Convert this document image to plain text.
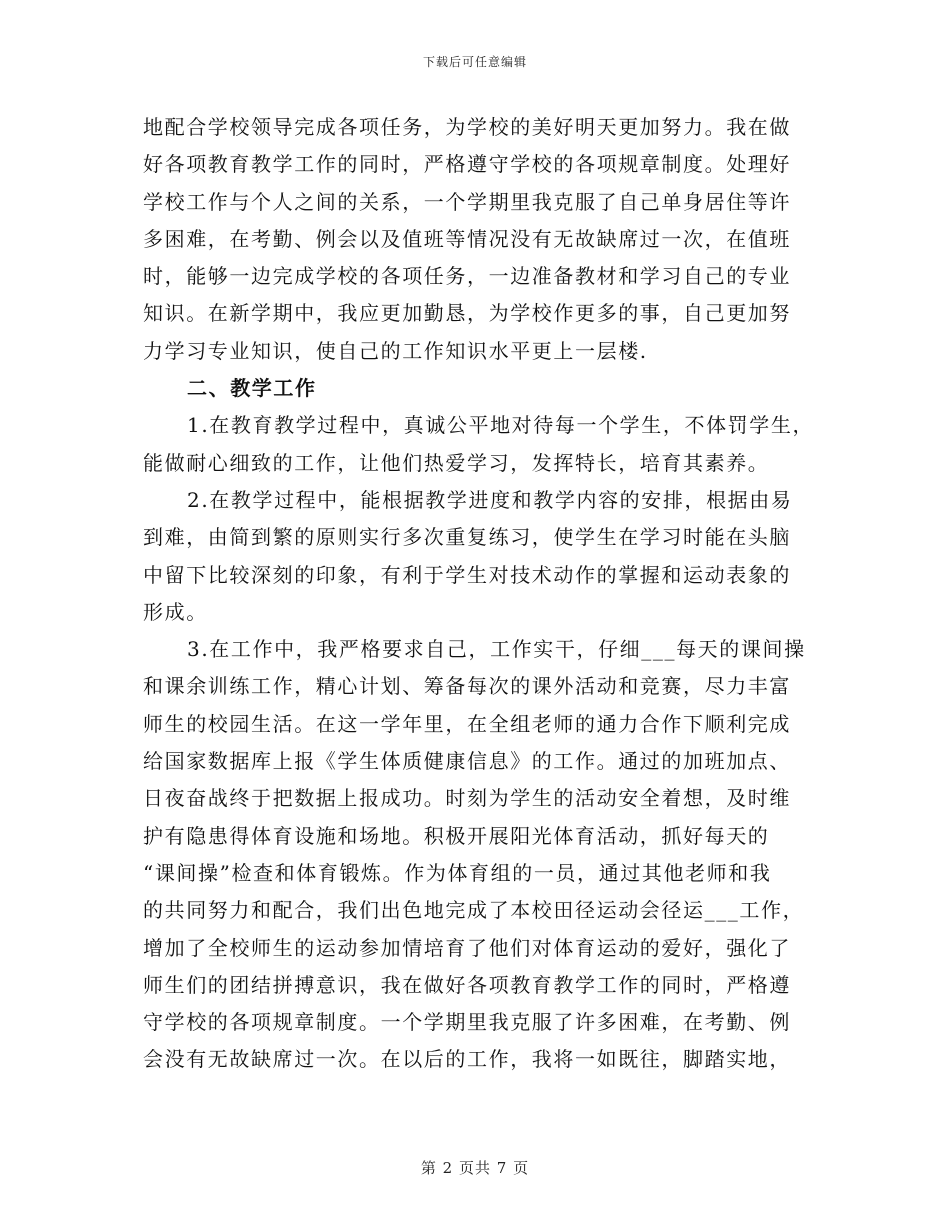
下载后可任意编辑
地配合学校领导完成各项任务，为学校的美好明天更加努力。我在做
好各项教育教学工作的同时，严格遵守学校的各项规章制度。处理好
学校工作与个人之间的关系，一个学期里我克服了自己单身居住等许
多困难，在考勤、例会以及值班等情况没有无故缺席过一次，在值班
时，能够一边完成学校的各项任务，一边准备教材和学习自己的专业
知识。在新学期中，我应更加勤恳，为学校作更多的事，自己更加努
力学习专业知识，使自己的工作知识水平更上一层楼.
二、教学工作
1.在教育教学过程中，真诚公平地对待每一个学生，不体罚学生，
能做耐心细致的工作，让他们热爱学习，发挥特长，培育其素养。
2.在教学过程中，能根据教学进度和教学内容的安排，根据由易
到难，由简到繁的原则实行多次重复练习，使学生在学习时能在头脑
中留下比较深刻的印象，有利于学生对技术动作的掌握和运动表象的
形成。
3.在工作中，我严格要求自己，工作实干，仔细___每天的课间操
和课余训练工作，精心计划、筹备每次的课外活动和竞赛，尽力丰富
师生的校园生活。在这一学年里，在全组老师的通力合作下顺利完成
给国家数据库上报《学生体质健康信息》的工作。通过的加班加点、
日夜奋战终于把数据上报成功。时刻为学生的活动安全着想，及时维
护有隐患得体育设施和场地。积极开展阳光体育活动，抓好每天的
“课间操”检查和体育锻炼。作为体育组的一员，通过其他老师和我
的共同努力和配合，我们出色地完成了本校田径运动会径运___工作，
增加了全校师生的运动参加情培育了他们对体育运动的爱好，强化了
师生们的团结拼搏意识，我在做好各项教育教学工作的同时，严格遵
守学校的各项规章制度。一个学期里我克服了许多困难，在考勤、例
会没有无故缺席过一次。在以后的工作，我将一如既往，脚踏实地，
第 2 页共 7 页
